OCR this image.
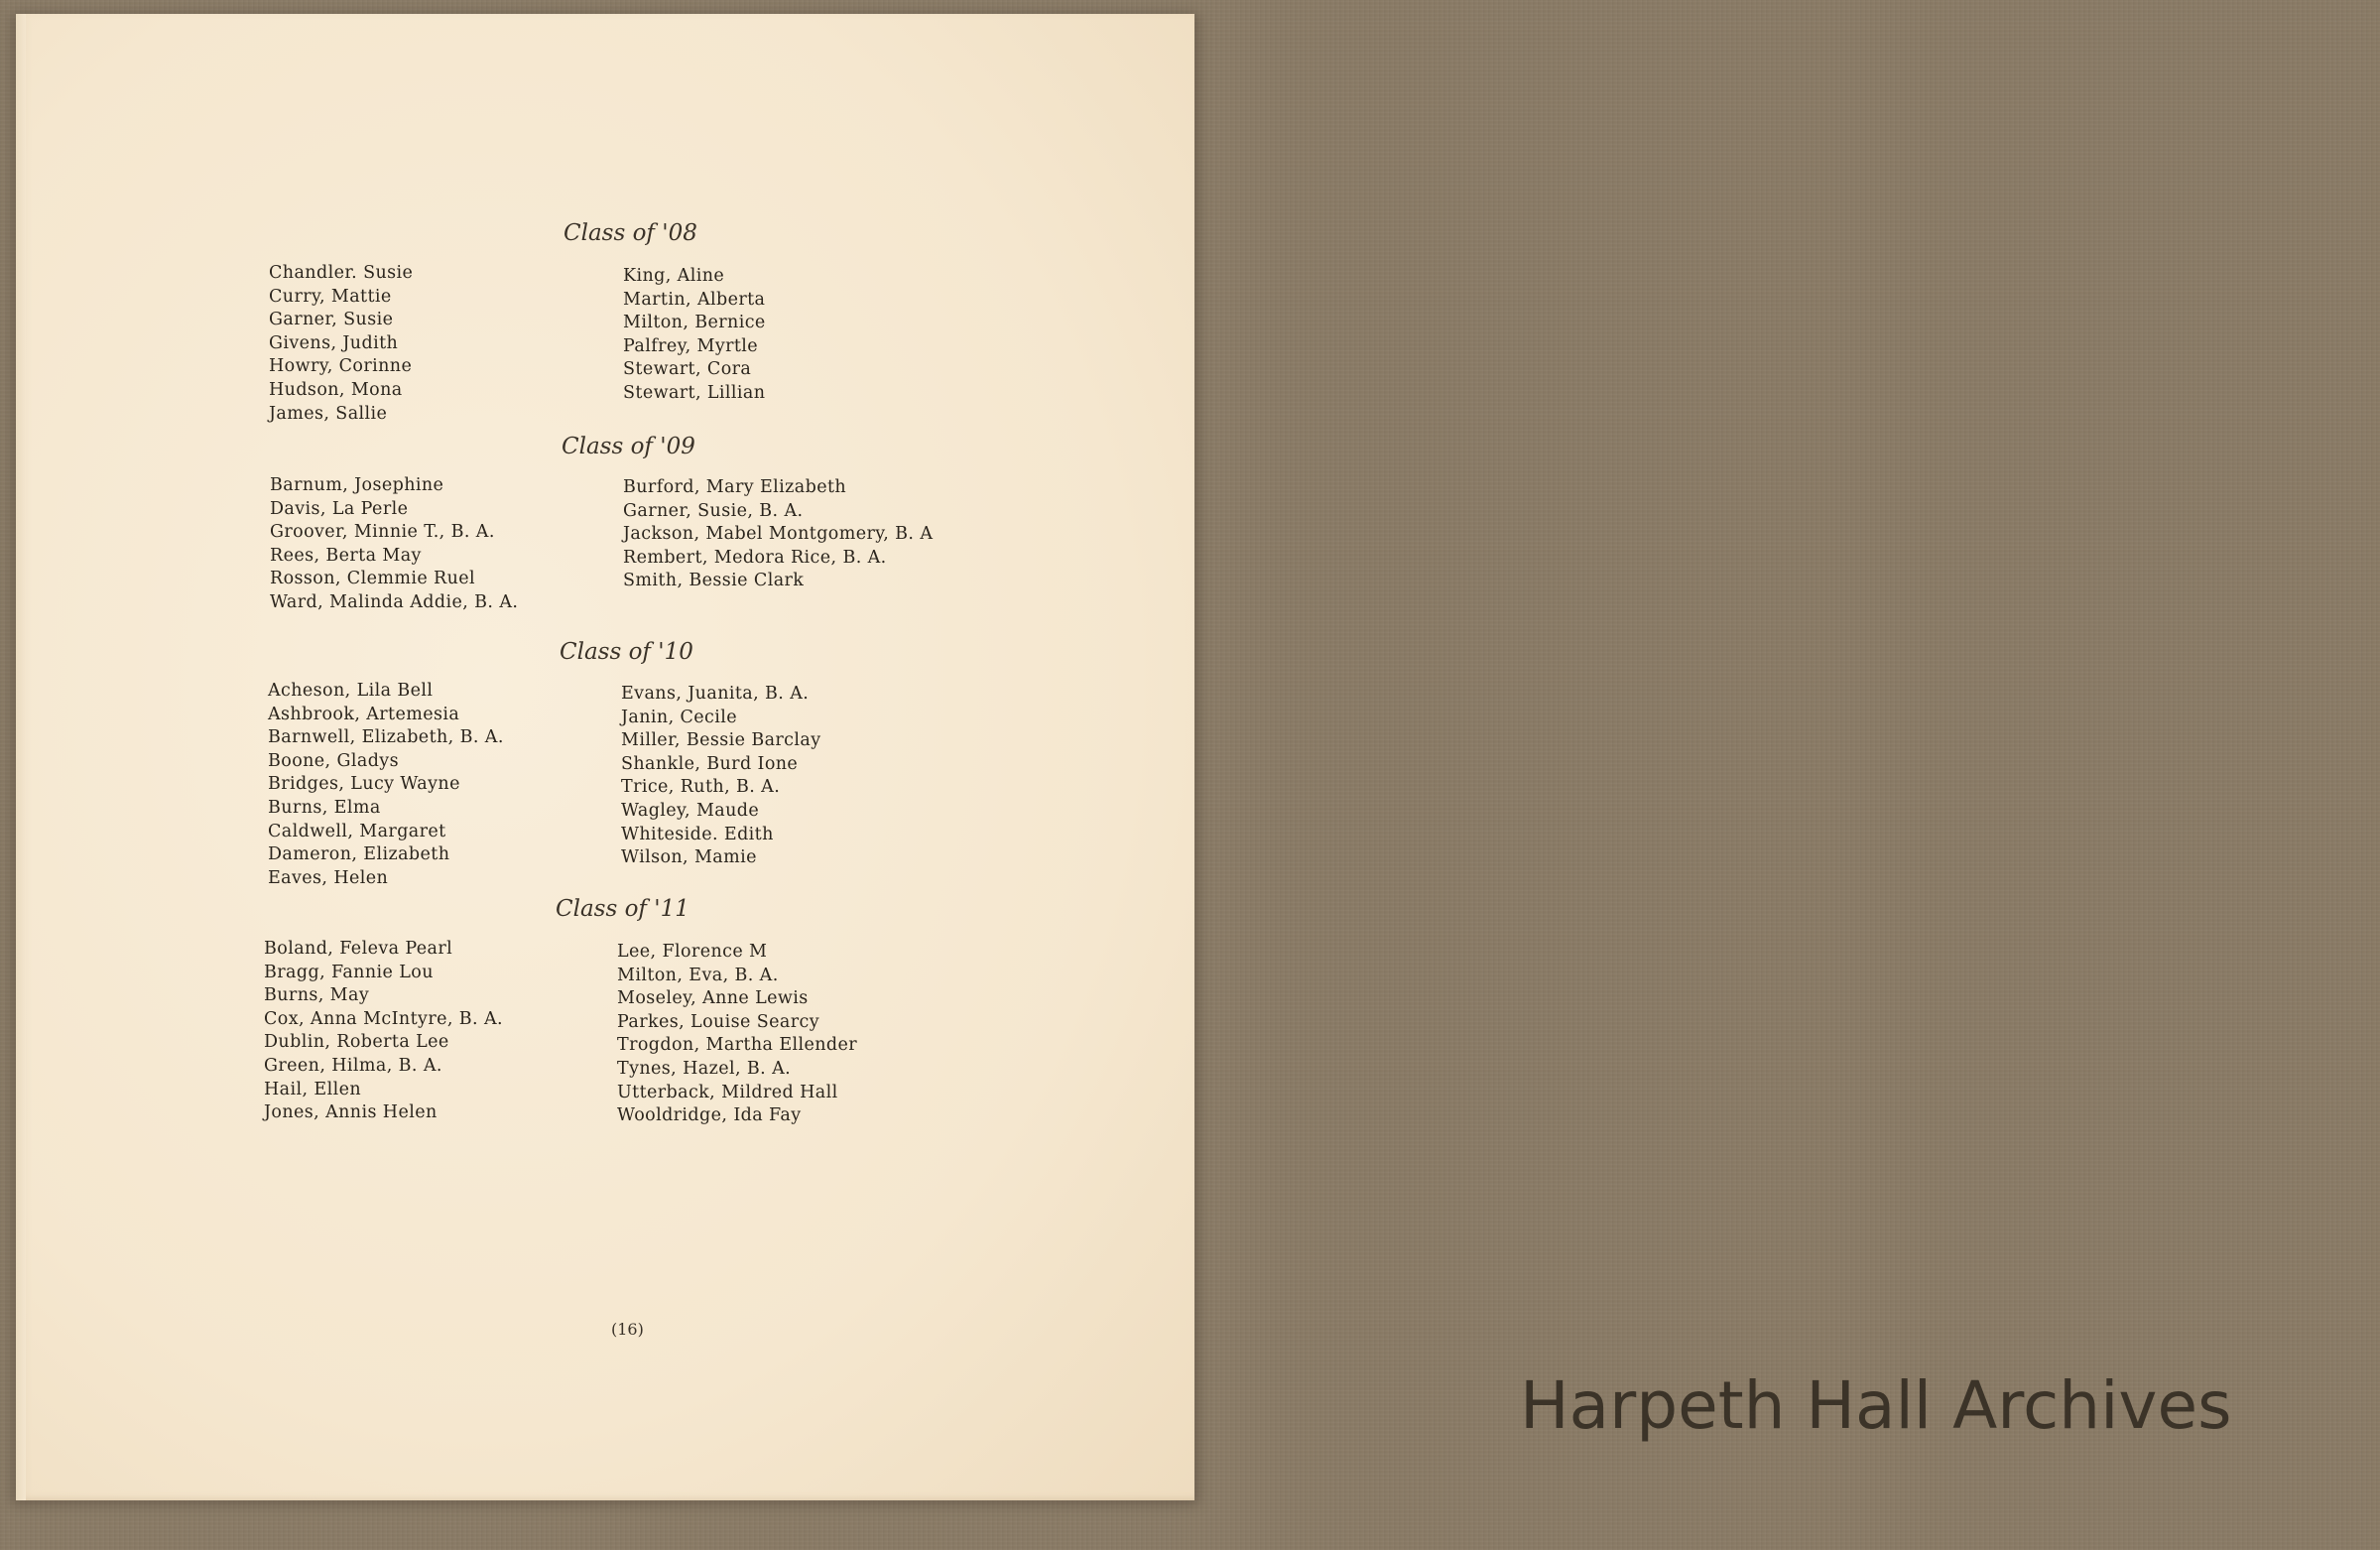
Class of '08
Chandler. Susie
Curry, Mattie
Garner, Susie
Givens, Judith
Howry, Corinne
Hudson, Mona
James, Sallie
King, Aline
Martin, Alberta
Milton, Bernice
Palfrey, Myrtle
Stewart, Cora
Stewart, Lillian
Class of '09
Barnum, Josephine
Davis, La Perle
Groover, Minnie T., B. A.
Rees, Berta May
Rosson, Clemmie Ruel
Ward, Malinda Addie, B. A.
Burford, Mary Elizabeth
Garner, Susie, B. A.
Jackson, Mabel Montgomery, B. A
Rembert, Medora Rice, B. A.
Smith, Bessie Clark
Class of '10
Acheson, Lila Bell
Ashbrook, Artemesia
Barnwell, Elizabeth, B. A.
Boone, Gladys
Bridges, Lucy Wayne
Burns, Elma
Caldwell, Margaret
Dameron, Elizabeth
Eaves, Helen
Evans, Juanita, B. A.
Janin, Cecile
Miller, Bessie Barclay
Shankle, Burd Ione
Trice, Ruth, B. A.
Wagley, Maude
Whiteside. Edith
Wilson, Mamie
Class of '11
Boland, Feleva Pearl
Bragg, Fannie Lou
Burns, May
Cox, Anna McIntyre, B. A.
Dublin, Roberta Lee
Green, Hilma, B. A.
Hail, Ellen
Jones, Annis Helen
Lee, Florence M
Milton, Eva, B. A.
Moseley, Anne Lewis
Parkes, Louise Searcy
Trogdon, Martha Ellender
Tynes, Hazel, B. A.
Utterback, Mildred Hall
Wooldridge, Ida Fay
(16)
Harpeth Hall Archives
